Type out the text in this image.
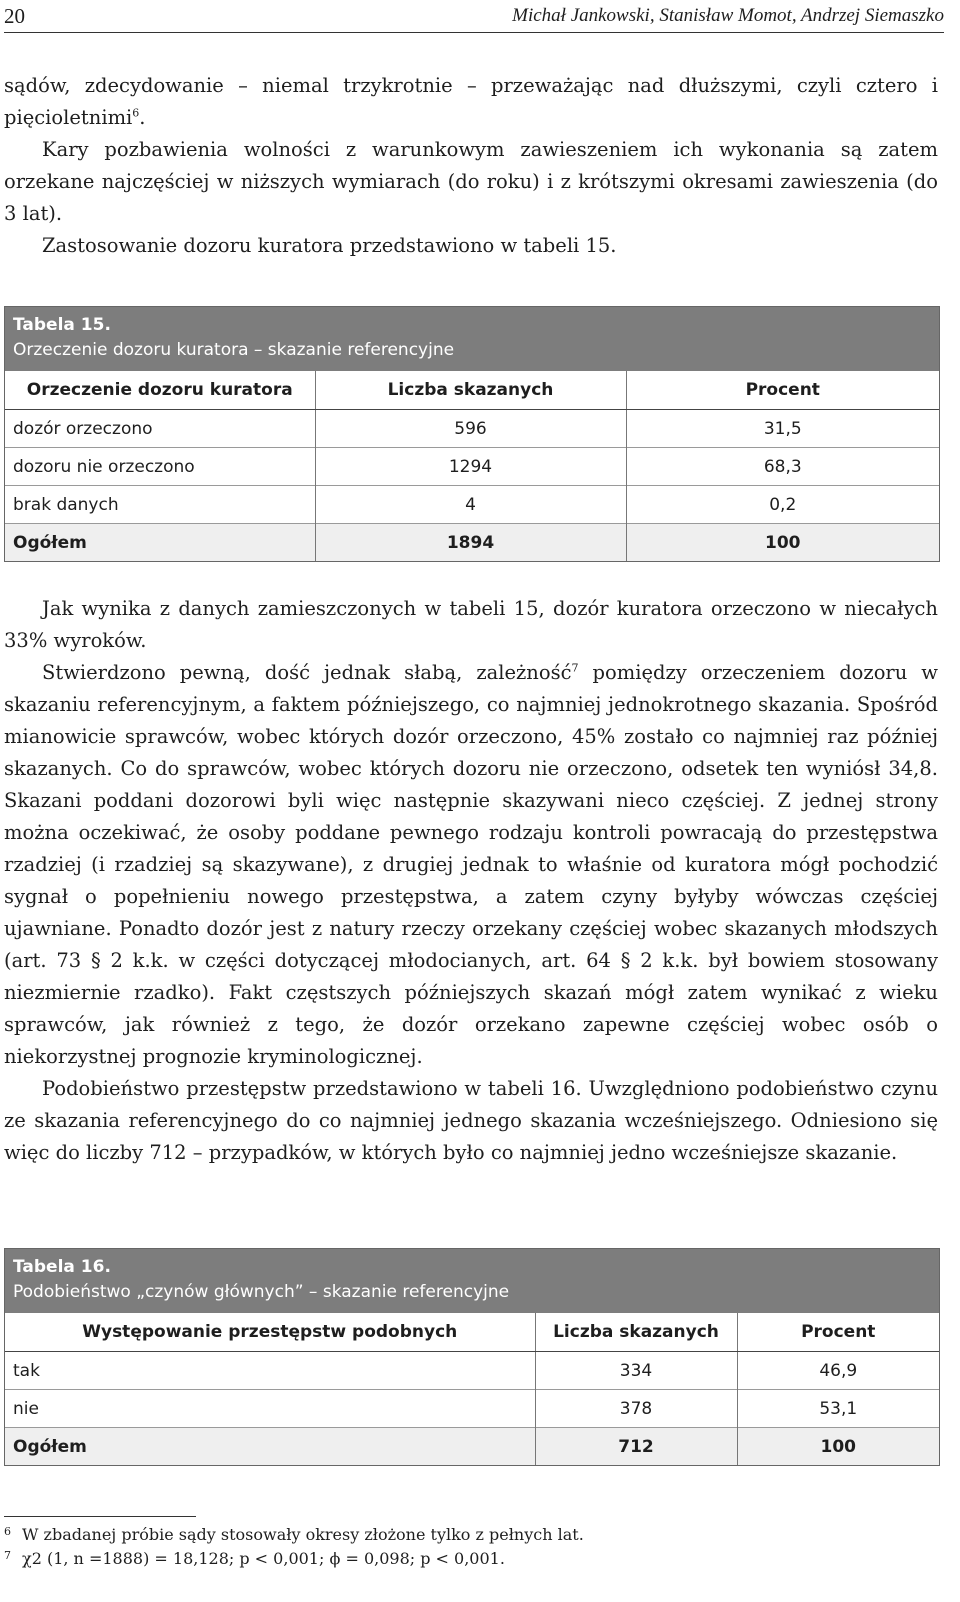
20	Michał Jankowski, Stanisław Momot, Andrzej Siemaszko

sądów, zdecydowanie – niemal trzykrotnie – przeważając nad dłuższymi, czyli cztero i pięcioletnimi$^6$.

Kary pozbawienia wolności z warunkowym zawieszeniem ich wykonania są zatem orzekane najczęściej w niższych wymiarach (do roku) i z krótszymi okresami zawieszenia (do 3 lat).

Zastosowanie dozoru kuratora przedstawiono w tabeli 15.

Tabela 15.
Orzeczenie dozoru kuratora – skazanie referencyjne
Orzeczenie dozoru kuratora	Liczba skazanych	Procent
dozór orzeczono	596	31,5
dozoru nie orzeczono	1294	68,3
brak danych	4	0,2
Ogółem	1894	100

Jak wynika z danych zamieszczonych w tabeli 15, dozór kuratora orzeczono w niecałych 33% wyroków.

Stwierdzono pewną, dość jednak słabą, zależność$^7$ pomiędzy orzeczeniem dozoru w skazaniu referencyjnym, a faktem późniejszego, co najmniej jednokrotnego skazania. Spośród mianowicie sprawców, wobec których dozór orzeczono, 45% zostało co najmniej raz później skazanych. Co do sprawców, wobec których dozoru nie orzeczono, odsetek ten wyniósł 34,8. Skazani poddani dozorowi byli więc następnie skazywani nieco częściej. Z jednej strony można oczekiwać, że osoby poddane pewnego rodzaju kontroli powracają do przestępstwa rzadziej (i rzadziej są skazywane), z drugiej jednak to właśnie od kuratora mógł pochodzić sygnał o popełnieniu nowego przestępstwa, a zatem czyny byłyby wówczas częściej ujawniane. Ponadto dozór jest z natury rzeczy orzekany częściej wobec skazanych młodszych (art. 73 § 2 k.k. w części dotyczącej młodocianych, art. 64 § 2 k.k. był bowiem stosowany niezmiernie rzadko). Fakt częstszych późniejszych skazań mógł zatem wynikać z wieku sprawców, jak również z tego, że dozór orzekano zapewne częściej wobec osób o niekorzystnej prognozie kryminologicznej.

Podobieństwo przestępstw przedstawiono w tabeli 16. Uwzględniono podobieństwo czynu ze skazania referencyjnego do co najmniej jednego skazania wcześniejszego. Odniesiono się więc do liczby 712 – przypadków, w których było co najmniej jedno wcześniejsze skazanie.

Tabela 16.
Podobieństwo „czynów głównych” – skazanie referencyjne
Występowanie przestępstw podobnych	Liczba skazanych	Procent
tak	334	46,9
nie	378	53,1
Ogółem	712	100
6 W zbadanej próbie sądy stosowały okresy złożone tylko z pełnych lat.
7 χ2 (1, n =1888) = 18,128; p < 0,001; ϕ = 0,098; p < 0,001.
